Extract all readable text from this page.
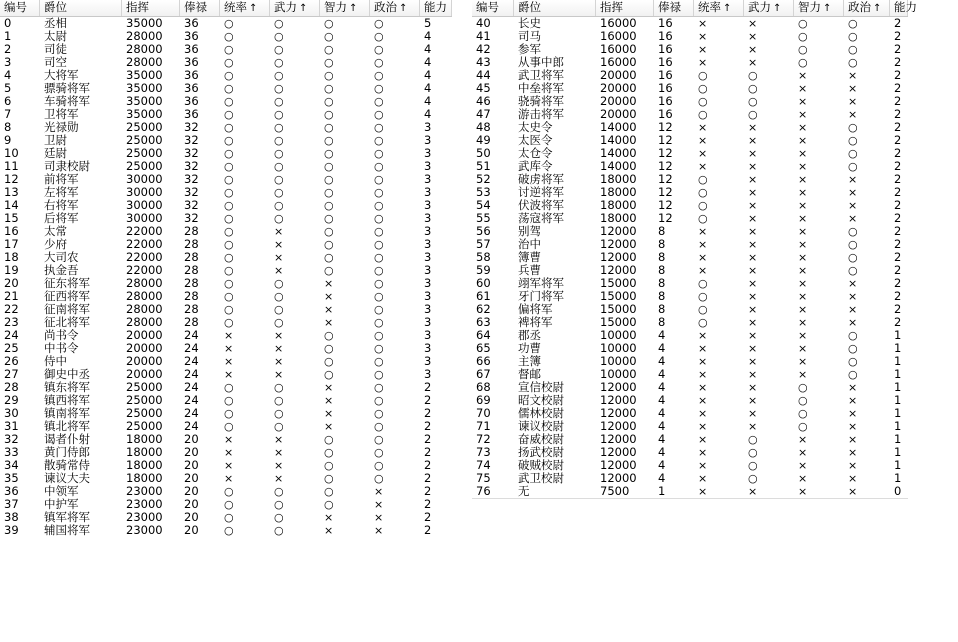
编号	爵位	指挥	俸禄	统率 ↑	武力 ↑	智力 ↑	政治 ↑	能力
0	丞相	35000	36	○	○	○	○	5
1	太尉	28000	36	○	○	○	○	4
2	司徒	28000	36	○	○	○	○	4
3	司空	28000	36	○	○	○	○	4
4	大将军	35000	36	○	○	○	○	4
5	骠骑将军	35000	36	○	○	○	○	4
6	车骑将军	35000	36	○	○	○	○	4
7	卫将军	35000	36	○	○	○	○	4
8	光禄勋	25000	32	○	○	○	○	3
9	卫尉	25000	32	○	○	○	○	3
10	廷尉	25000	32	○	○	○	○	3
11	司隶校尉	25000	32	○	○	○	○	3
12	前将军	30000	32	○	○	○	○	3
13	左将军	30000	32	○	○	○	○	3
14	右将军	30000	32	○	○	○	○	3
15	后将军	30000	32	○	○	○	○	3
16	太常	22000	28	○	×	○	○	3
17	少府	22000	28	○	×	○	○	3
18	大司农	22000	28	○	×	○	○	3
19	执金吾	22000	28	○	×	○	○	3
20	征东将军	28000	28	○	○	×	○	3
21	征西将军	28000	28	○	○	×	○	3
22	征南将军	28000	28	○	○	×	○	3
23	征北将军	28000	28	○	○	×	○	3
24	尚书令	20000	24	×	×	○	○	3
25	中书令	20000	24	×	×	○	○	3
26	侍中	20000	24	×	×	○	○	3
27	御史中丞	20000	24	×	×	○	○	3
28	镇东将军	25000	24	○	○	×	○	2
29	镇西将军	25000	24	○	○	×	○	2
30	镇南将军	25000	24	○	○	×	○	2
31	镇北将军	25000	24	○	○	×	○	2
32	谒者仆射	18000	20	×	×	○	○	2
33	黄门侍郎	18000	20	×	×	○	○	2
34	散骑常侍	18000	20	×	×	○	○	2
35	谏议大夫	18000	20	×	×	○	○	2
36	中领军	23000	20	○	○	○	×	2
37	中护军	23000	20	○	○	○	×	2
38	镇军将军	23000	20	○	○	×	×	2
39	辅国将军	23000	20	○	○	×	×	2
编号	爵位	指挥	俸禄	统率 ↑	武力 ↑	智力 ↑	政治 ↑	能力
40	长史	16000	16	×	×	○	○	2
41	司马	16000	16	×	×	○	○	2
42	参军	16000	16	×	×	○	○	2
43	从事中郎	16000	16	×	×	○	○	2
44	武卫将军	20000	16	○	○	×	×	2
45	中垒将军	20000	16	○	○	×	×	2
46	骁骑将军	20000	16	○	○	×	×	2
47	游击将军	20000	16	○	○	×	×	2
48	太史令	14000	12	×	×	×	○	2
49	太医令	14000	12	×	×	×	○	2
50	太仓令	14000	12	×	×	×	○	2
51	武库令	14000	12	×	×	×	○	2
52	破虏将军	18000	12	○	×	×	×	2
53	讨逆将军	18000	12	○	×	×	×	2
54	伏波将军	18000	12	○	×	×	×	2
55	荡寇将军	18000	12	○	×	×	×	2
56	别驾	12000	8	×	×	×	○	2
57	治中	12000	8	×	×	×	○	2
58	簿曹	12000	8	×	×	×	○	2
59	兵曹	12000	8	×	×	×	○	2
60	翊军将军	15000	8	○	×	×	×	2
61	牙门将军	15000	8	○	×	×	×	2
62	偏将军	15000	8	○	×	×	×	2
63	裨将军	15000	8	○	×	×	×	2
64	郡丞	10000	4	×	×	×	○	1
65	功曹	10000	4	×	×	×	○	1
66	主簿	10000	4	×	×	×	○	1
67	督邮	10000	4	×	×	×	○	1
68	宣信校尉	12000	4	×	×	○	×	1
69	昭文校尉	12000	4	×	×	○	×	1
70	儒林校尉	12000	4	×	×	○	×	1
71	谏议校尉	12000	4	×	×	○	×	1
72	奋威校尉	12000	4	×	○	×	×	1
73	扬武校尉	12000	4	×	○	×	×	1
74	破贼校尉	12000	4	×	○	×	×	1
75	武卫校尉	12000	4	×	○	×	×	1
76	无	7500	1	×	×	×	×	0
